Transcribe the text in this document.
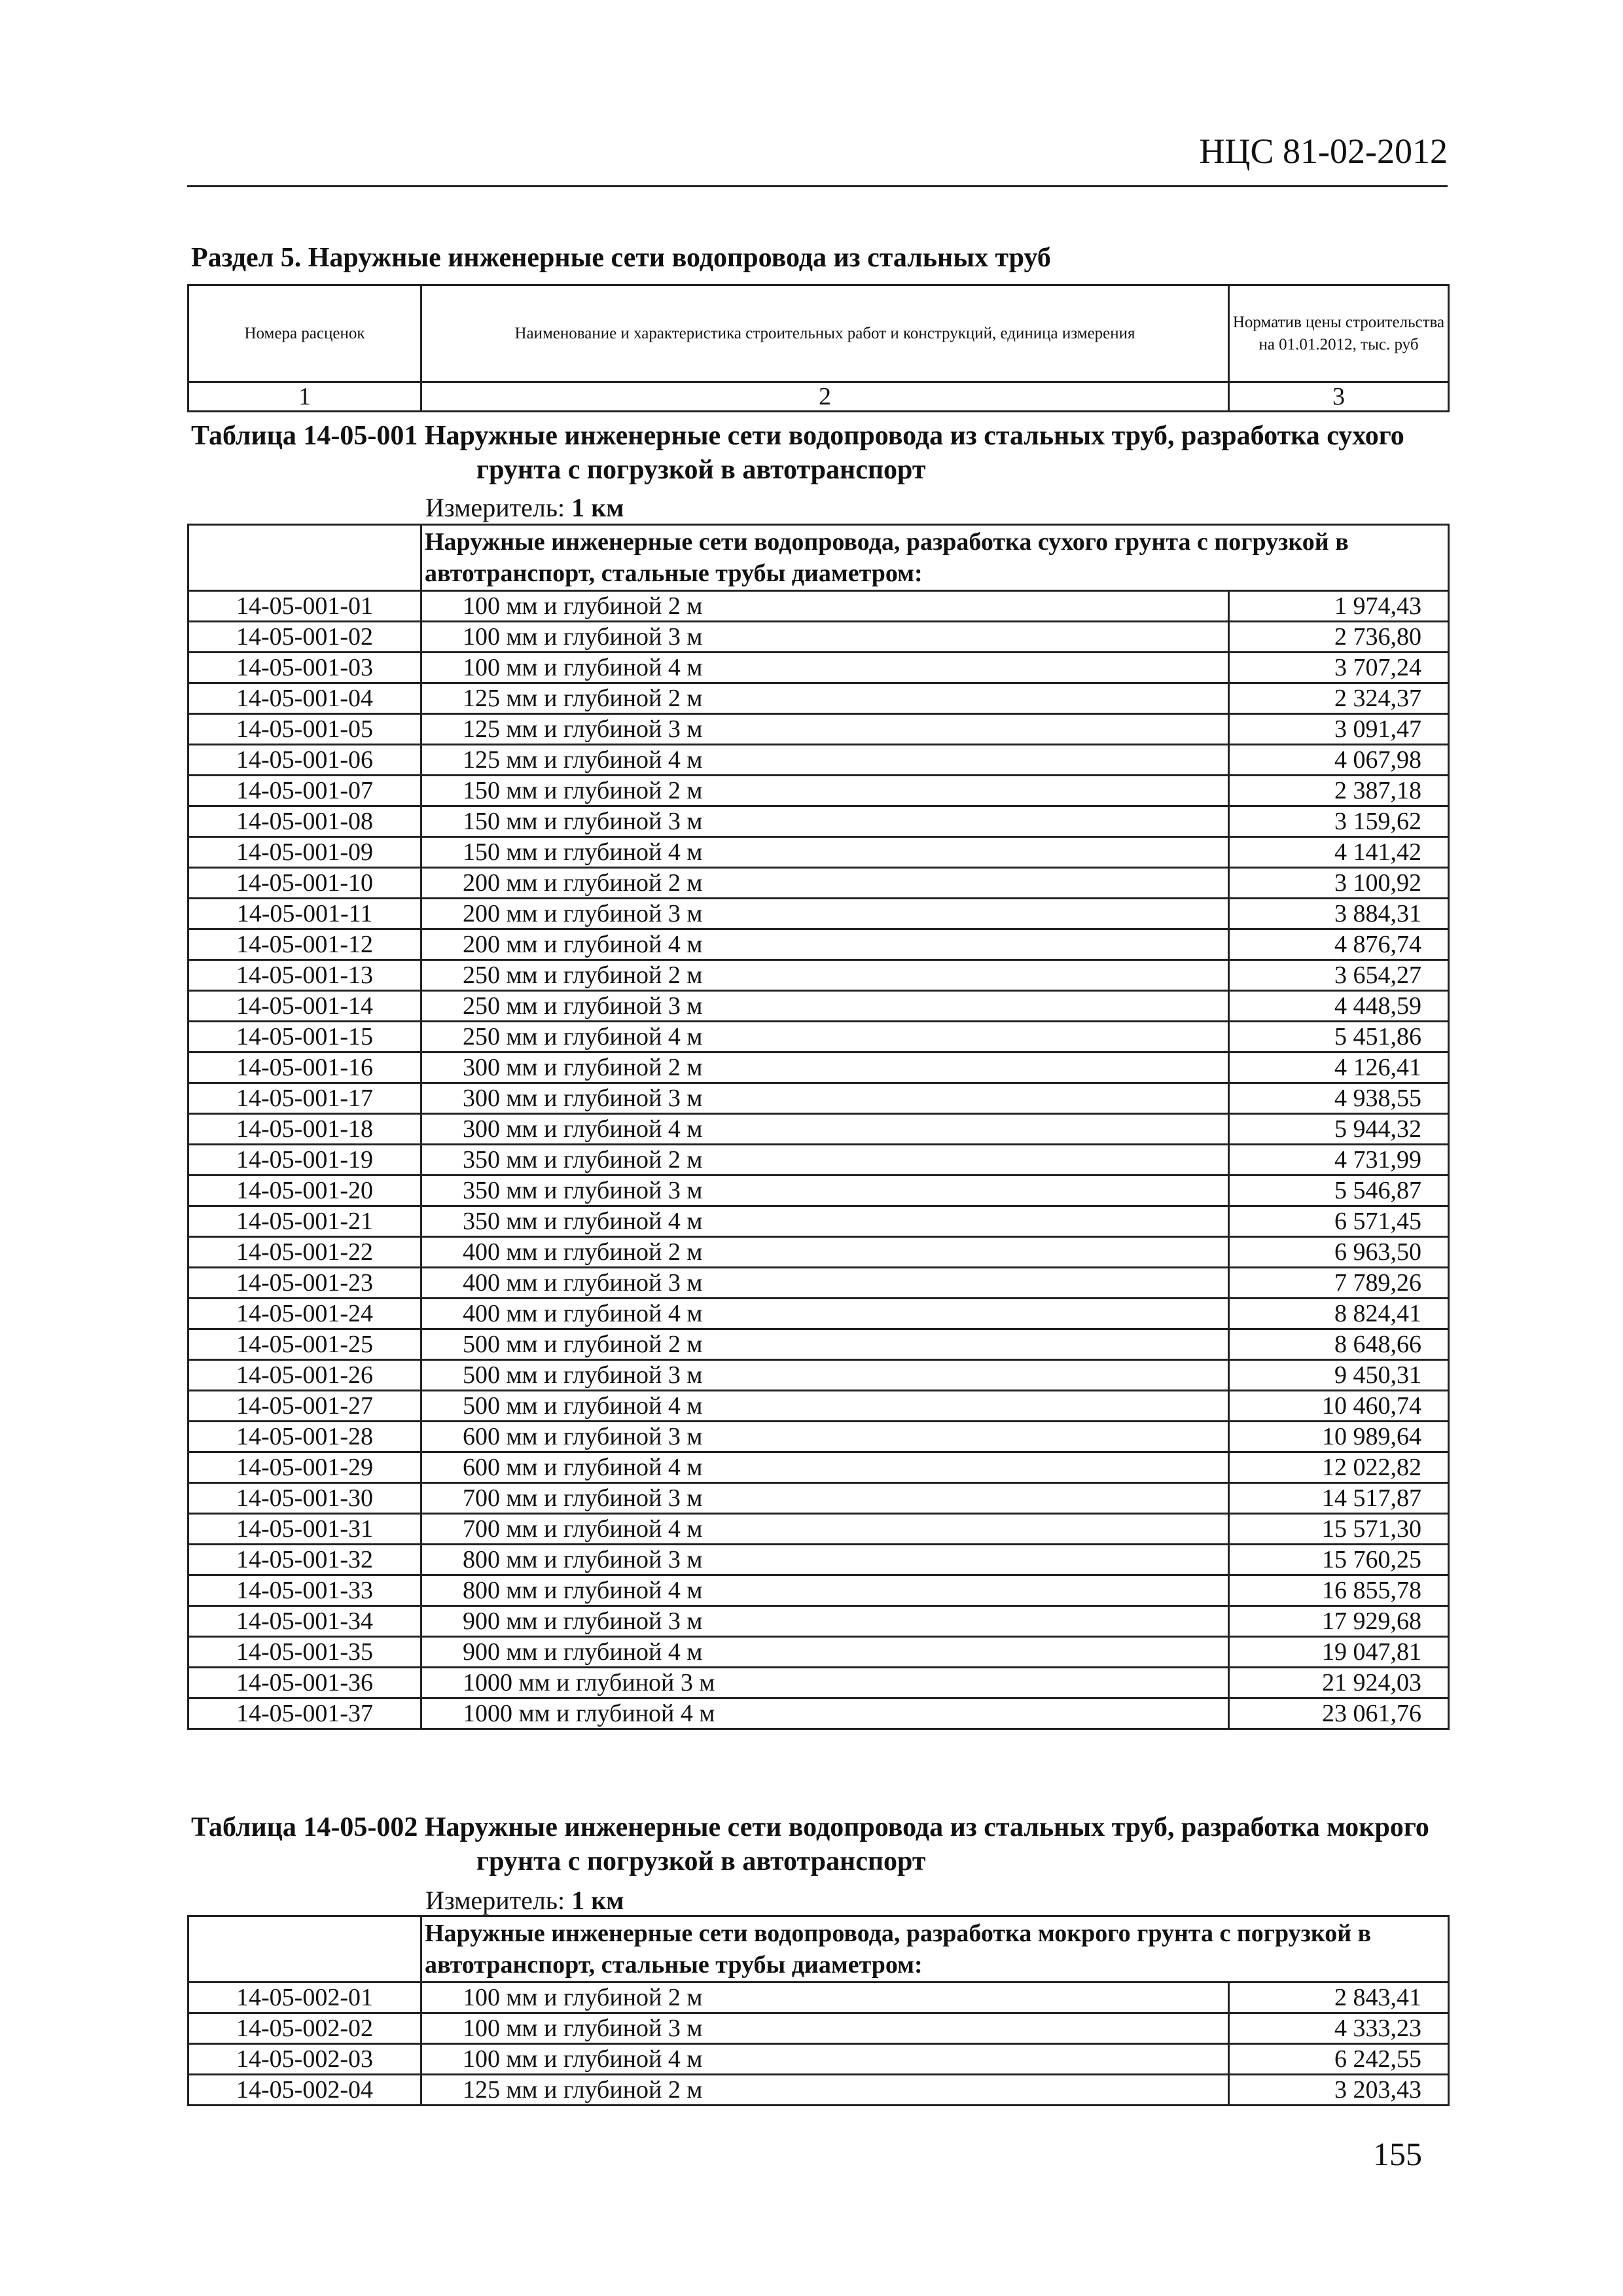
НЦС 81-02-2012
Раздел 5. Наружные инженерные сети водопровода из стальных труб
Номера расценок	Наименование и характеристика строительных работ и конструкций, единица измерения	Норматив цены строительства на 01.01.2012, тыс. руб
1	2	3
Таблица 14-05-001 Наружные инженерные сети водопровода из стальных труб, разработка сухого
грунта с погрузкой в автотранспорт
Измеритель: 1 км
	Наружные инженерные сети водопровода, разработка сухого грунта с погрузкой в автотранспорт, стальные трубы диаметром:	
14-05-001-01	100 мм и глубиной 2 м	1 974,43
14-05-001-02	100 мм и глубиной 3 м	2 736,80
14-05-001-03	100 мм и глубиной 4 м	3 707,24
14-05-001-04	125 мм и глубиной 2 м	2 324,37
14-05-001-05	125 мм и глубиной 3 м	3 091,47
14-05-001-06	125 мм и глубиной 4 м	4 067,98
14-05-001-07	150 мм и глубиной 2 м	2 387,18
14-05-001-08	150 мм и глубиной 3 м	3 159,62
14-05-001-09	150 мм и глубиной 4 м	4 141,42
14-05-001-10	200 мм и глубиной 2 м	3 100,92
14-05-001-11	200 мм и глубиной 3 м	3 884,31
14-05-001-12	200 мм и глубиной 4 м	4 876,74
14-05-001-13	250 мм и глубиной 2 м	3 654,27
14-05-001-14	250 мм и глубиной 3 м	4 448,59
14-05-001-15	250 мм и глубиной 4 м	5 451,86
14-05-001-16	300 мм и глубиной 2 м	4 126,41
14-05-001-17	300 мм и глубиной 3 м	4 938,55
14-05-001-18	300 мм и глубиной 4 м	5 944,32
14-05-001-19	350 мм и глубиной 2 м	4 731,99
14-05-001-20	350 мм и глубиной 3 м	5 546,87
14-05-001-21	350 мм и глубиной 4 м	6 571,45
14-05-001-22	400 мм и глубиной 2 м	6 963,50
14-05-001-23	400 мм и глубиной 3 м	7 789,26
14-05-001-24	400 мм и глубиной 4 м	8 824,41
14-05-001-25	500 мм и глубиной 2 м	8 648,66
14-05-001-26	500 мм и глубиной 3 м	9 450,31
14-05-001-27	500 мм и глубиной 4 м	10 460,74
14-05-001-28	600 мм и глубиной 3 м	10 989,64
14-05-001-29	600 мм и глубиной 4 м	12 022,82
14-05-001-30	700 мм и глубиной 3 м	14 517,87
14-05-001-31	700 мм и глубиной 4 м	15 571,30
14-05-001-32	800 мм и глубиной 3 м	15 760,25
14-05-001-33	800 мм и глубиной 4 м	16 855,78
14-05-001-34	900 мм и глубиной 3 м	17 929,68
14-05-001-35	900 мм и глубиной 4 м	19 047,81
14-05-001-36	1000 мм и глубиной 3 м	21 924,03
14-05-001-37	1000 мм и глубиной 4 м	23 061,76
Таблица 14-05-002 Наружные инженерные сети водопровода из стальных труб, разработка мокрого
грунта с погрузкой в автотранспорт
Измеритель: 1 км
	Наружные инженерные сети водопровода, разработка мокрого грунта с погрузкой в автотранспорт, стальные трубы диаметром:	
14-05-002-01	100 мм и глубиной 2 м	2 843,41
14-05-002-02	100 мм и глубиной 3 м	4 333,23
14-05-002-03	100 мм и глубиной 4 м	6 242,55
14-05-002-04	125 мм и глубиной 2 м	3 203,43
155
